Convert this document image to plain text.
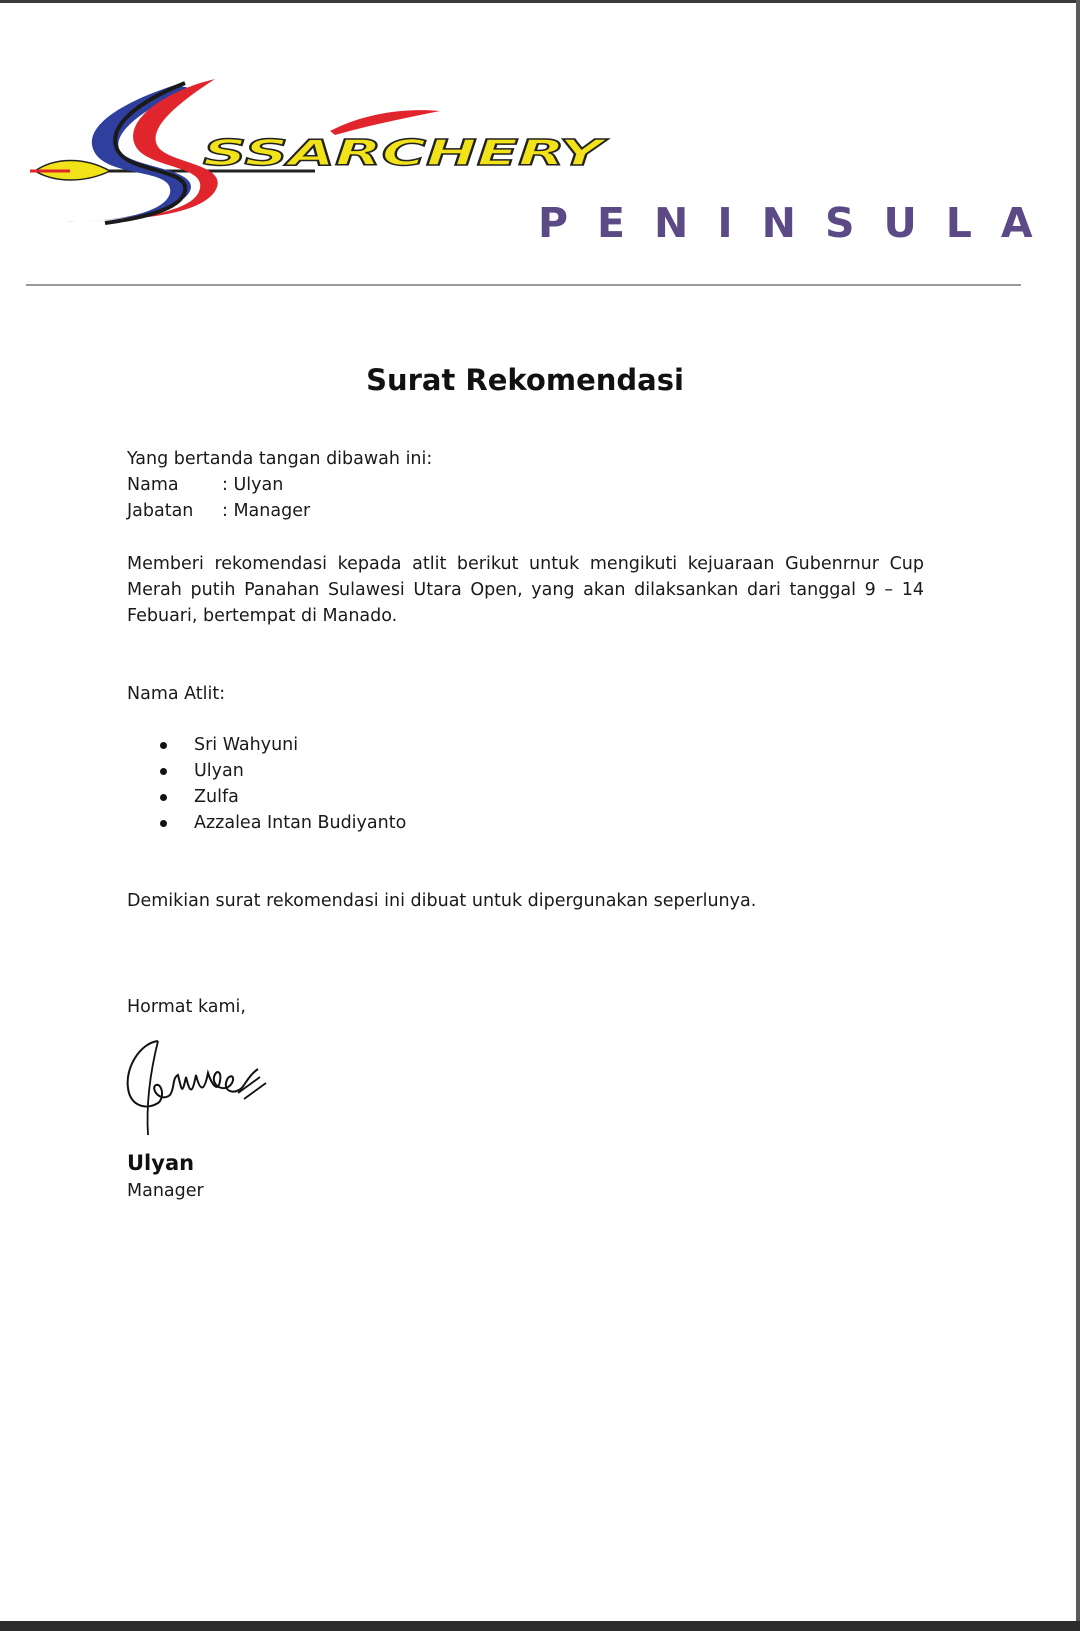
SSARCHERY
PENINSULA
Surat Rekomendasi
Yang bertanda tangan dibawah ini:
Nama	: Ulyan
Jabatan	: Manager
Memberi rekomendasi kepada atlit berikut untuk mengikuti kejuaraan Gubenrnur Cup Merah putih Panahan Sulawesi Utara Open, yang akan dilaksankan dari tanggal 9 – 14 Febuari, bertempat di Manado.
Nama Atlit:
Sri Wahyuni
Ulyan
Zulfa
Azzalea Intan Budiyanto
Demikian surat rekomendasi ini dibuat untuk dipergunakan seperlunya.
Hormat kami,
Ulyan
Manager
